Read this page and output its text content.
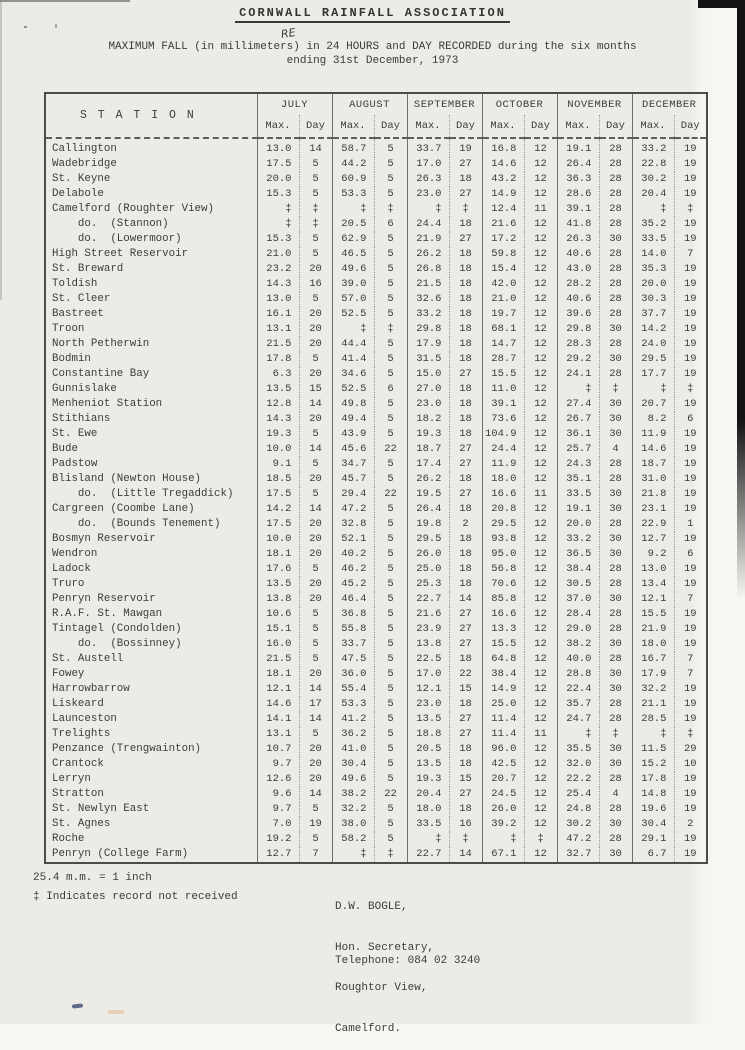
CORNWALL RAINFALL ASSOCIATION
RE
MAXIMUM FALL (in millimeters) in 24 HOURS and DAY RECORDED during the six months
ending 31st December, 1973
S T A T I O N	JULY		AUGUST		SEPTEMBER		OCTOBER		NOVEMBER		DECEMBER	
	Max.	Day	Max.	Day	Max.	Day	Max.	Day	Max.	Day	Max.	Day
Callington	13.0	14	58.7	5	33.7	19	16.8	12	19.1	28	33.2	19
Wadebridge	17.5	5	44.2	5	17.0	27	14.6	12	26.4	28	22.8	19
St. Keyne	20.0	5	60.9	5	26.3	18	43.2	12	36.3	28	30.2	19
Delabole	15.3	5	53.3	5	23.0	27	14.9	12	28.6	28	20.4	19
Camelford (Roughter View)	‡	‡	‡	‡	‡	‡	12.4	11	39.1	28	‡	‡
do.  (Stannon)	‡	‡	20.5	6	24.4	18	21.6	12	41.8	28	35.2	19
do.  (Lowermoor)	15.3	5	62.9	5	21.9	27	17.2	12	26.3	30	33.5	19
High Street Reservoir	21.0	5	46.5	5	26.2	18	59.8	12	40.6	28	14.0	7
St. Breward	23.2	20	49.6	5	26.8	18	15.4	12	43.0	28	35.3	19
Toldish	14.3	16	39.0	5	21.5	18	42.0	12	28.2	28	20.0	19
St. Cleer	13.0	5	57.0	5	32.6	18	21.0	12	40.6	28	30.3	19
Bastreet	16.1	20	52.5	5	33.2	18	19.7	12	39.6	28	37.7	19
Troon	13.1	20	‡	‡	29.8	18	68.1	12	29.8	30	14.2	19
North Petherwin	21.5	20	44.4	5	17.9	18	14.7	12	28.3	28	24.0	19
Bodmin	17.8	5	41.4	5	31.5	18	28.7	12	29.2	30	29.5	19
Constantine Bay	6.3	20	34.6	5	15.0	27	15.5	12	24.1	28	17.7	19
Gunnislake	13.5	15	52.5	6	27.0	18	11.0	12	‡	‡	‡	‡
Menheniot Station	12.8	14	49.8	5	23.0	18	39.1	12	27.4	30	20.7	19
Stithians	14.3	20	49.4	5	18.2	18	73.6	12	26.7	30	8.2	6
St. Ewe	19.3	5	43.9	5	19.3	18	104.9	12	36.1	30	11.9	19
Bude	10.0	14	45.6	22	18.7	27	24.4	12	25.7	4	14.6	19
Padstow	9.1	5	34.7	5	17.4	27	11.9	12	24.3	28	18.7	19
Blisland (Newton House)	18.5	20	45.7	5	26.2	18	18.0	12	35.1	28	31.0	19
do.  (Little Tregaddick)	17.5	5	29.4	22	19.5	27	16.6	11	33.5	30	21.8	19
Cargreen (Coombe Lane)	14.2	14	47.2	5	26.4	18	20.8	12	19.1	30	23.1	19
do.  (Bounds Tenement)	17.5	20	32.8	5	19.8	2	29.5	12	20.0	28	22.9	1
Bosmyn Reservoir	10.0	20	52.1	5	29.5	18	93.8	12	33.2	30	12.7	19
Wendron	18.1	20	40.2	5	26.0	18	95.0	12	36.5	30	9.2	6
Ladock	17.6	5	46.2	5	25.0	18	56.8	12	38.4	28	13.0	19
Truro	13.5	20	45.2	5	25.3	18	70.6	12	30.5	28	13.4	19
Penryn Reservoir	13.8	20	46.4	5	22.7	14	85.8	12	37.0	30	12.1	7
R.A.F. St. Mawgan	10.6	5	36.8	5	21.6	27	16.6	12	28.4	28	15.5	19
Tintagel (Condolden)	15.1	5	55.8	5	23.9	27	13.3	12	29.0	28	21.9	19
do.  (Bossinney)	16.0	5	33.7	5	13.8	27	15.5	12	38.2	30	18.0	19
St. Austell	21.5	5	47.5	5	22.5	18	64.8	12	40.0	28	16.7	7
Fowey	18.1	20	36.0	5	17.0	22	38.4	12	28.8	30	17.9	7
Harrowbarrow	12.1	14	55.4	5	12.1	15	14.9	12	22.4	30	32.2	19
Liskeard	14.6	17	53.3	5	23.0	18	25.0	12	35.7	28	21.1	19
Launceston	14.1	14	41.2	5	13.5	27	11.4	12	24.7	28	28.5	19
Trelights	13.1	5	36.2	5	18.8	27	11.4	11	‡	‡	‡	‡
Penzance (Trengwainton)	10.7	20	41.0	5	20.5	18	96.0	12	35.5	30	11.5	29
Crantock	9.7	20	30.4	5	13.5	18	42.5	12	32.0	30	15.2	10
Lerryn	12.6	20	49.6	5	19.3	15	20.7	12	22.2	28	17.8	19
Stratton	9.6	14	38.2	22	20.4	27	24.5	12	25.4	4	14.8	19
St. Newlyn East	9.7	5	32.2	5	18.0	18	26.0	12	24.8	28	19.6	19
St. Agnes	7.0	19	38.0	5	33.5	16	39.2	12	30.2	30	30.4	2
Roche	19.2	5	58.2	5	‡	‡	‡	‡	47.2	28	29.1	19
Penryn (College Farm)	12.7	7	‡	‡	22.7	14	67.1	12	32.7	30	6.7	19
25.4 m.m. = 1 inch
‡ Indicates record not received

D.W. BOGLE,

Hon. Secretary,

Roughtor View,

Camelford.

Telephone: 084 02 3240
